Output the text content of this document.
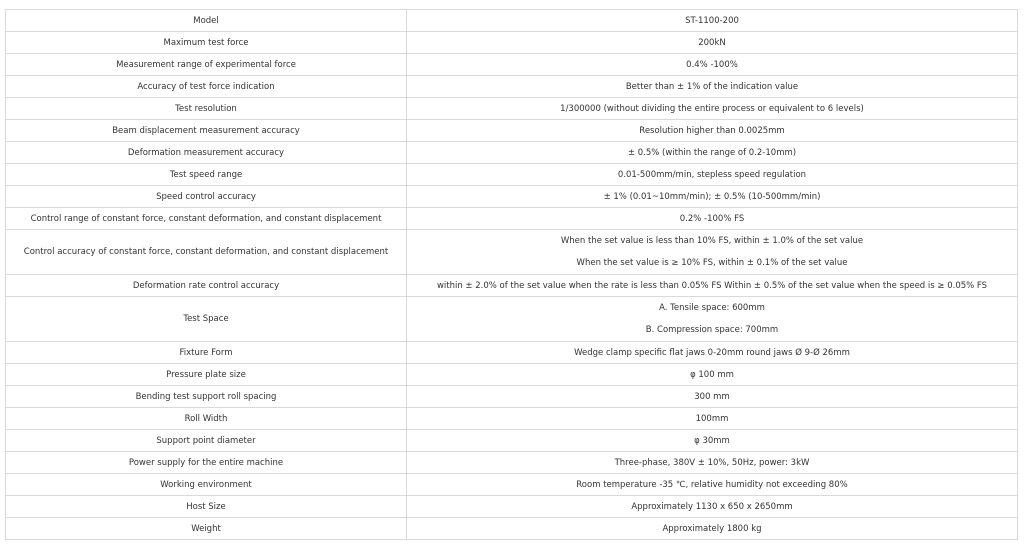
Model	ST-1100-200
Maximum test force	200kN
Measurement range of experimental force	0.4% -100%
Accuracy of test force indication	Better than ± 1% of the indication value
Test resolution	1/300000 (without dividing the entire process or equivalent to 6 levels)
Beam displacement measurement accuracy	Resolution higher than 0.0025mm
Deformation measurement accuracy	± 0.5% (within the range of 0.2-10mm)
Test speed range	0.01-500mm/min, stepless speed regulation
Speed control accuracy	± 1% (0.01~10mm/min); ± 0.5% (10-500mm/min)
Control range of constant force, constant deformation, and constant displacement	0.2% -100% FS
Control accuracy of constant force, constant deformation, and constant displacement	When the set value is less than 10% FS, within ± 1.0% of the set value
When the set value is ≥ 10% FS, within ± 0.1% of the set value

Deformation rate control accuracy	within ± 2.0% of the set value when the rate is less than 0.05% FS Within ± 0.5% of the set value when the speed is ≥ 0.05% FS
Test Space	A. Tensile space: 600mm
B. Compression space: 700mm

Fixture Form	Wedge clamp specific flat jaws 0-20mm round jaws Ø 9-Ø 26mm
Pressure plate size	φ 100 mm
Bending test support roll spacing	300 mm
Roll Width	100mm
Support point diameter	φ 30mm
Power supply for the entire machine	Three-phase, 380V ± 10%, 50Hz, power: 3kW
Working environment	Room temperature -35 ℃, relative humidity not exceeding 80%
Host Size	Approximately 1130 x 650 x 2650mm
Weight	Approximately 1800 kg
